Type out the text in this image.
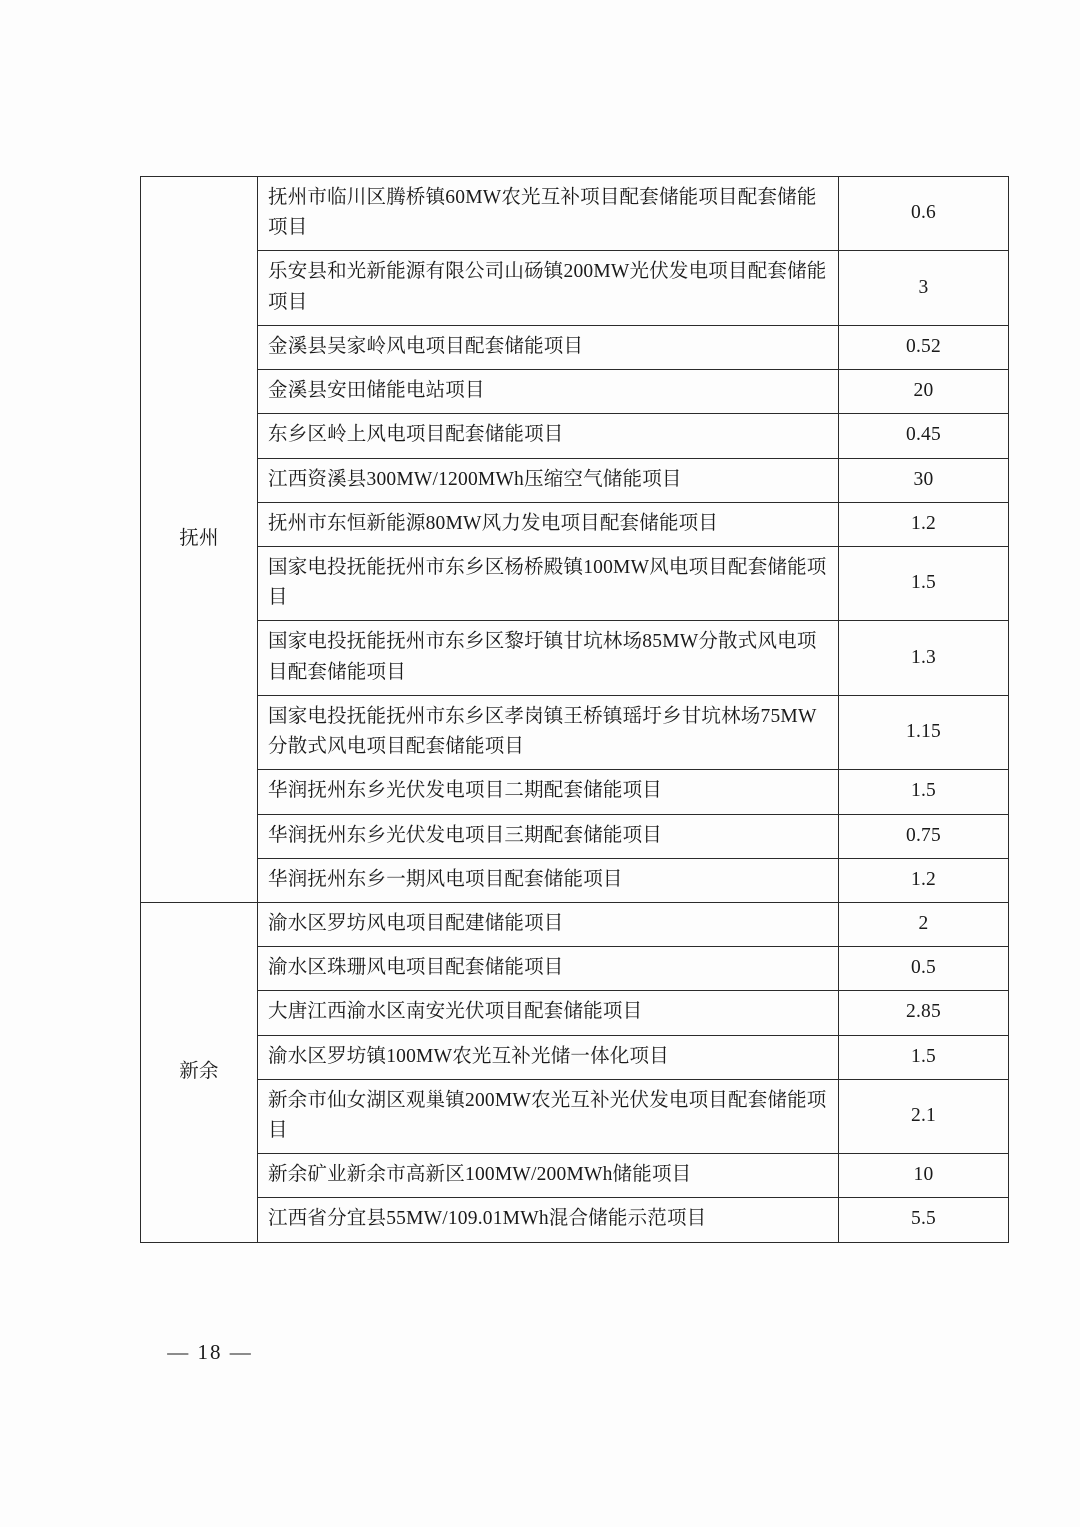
抚州	抚州市临川区腾桥镇60MW农光互补项目配套储能项目配套储能项目	0.6
	乐安县和光新能源有限公司山砀镇200MW光伏发电项目配套储能项目	3
	金溪县吴家岭风电项目配套储能项目	0.52
	金溪县安田储能电站项目	20
	东乡区岭上风电项目配套储能项目	0.45
	江西资溪县300MW/1200MWh压缩空气储能项目	30
	抚州市东恒新能源80MW风力发电项目配套储能项目	1.2
	国家电投抚能抚州市东乡区杨桥殿镇100MW风电项目配套储能项目	1.5
	国家电投抚能抚州市东乡区黎圩镇甘坑林场85MW分散式风电项目配套储能项目	1.3
	国家电投抚能抚州市东乡区孝岗镇王桥镇瑶圩乡甘坑林场75MW分散式风电项目配套储能项目	1.15
	华润抚州东乡光伏发电项目二期配套储能项目	1.5
	华润抚州东乡光伏发电项目三期配套储能项目	0.75
	华润抚州东乡一期风电项目配套储能项目	1.2
新余	渝水区罗坊风电项目配建储能项目	2
	渝水区珠珊风电项目配套储能项目	0.5
	大唐江西渝水区南安光伏项目配套储能项目	2.85
	渝水区罗坊镇100MW农光互补光储一体化项目	1.5
	新余市仙女湖区观巢镇200MW农光互补光伏发电项目配套储能项目	2.1
	新余矿业新余市高新区100MW/200MWh储能项目	10
	江西省分宜县55MW/109.01MWh混合储能示范项目	5.5
— 18 —
